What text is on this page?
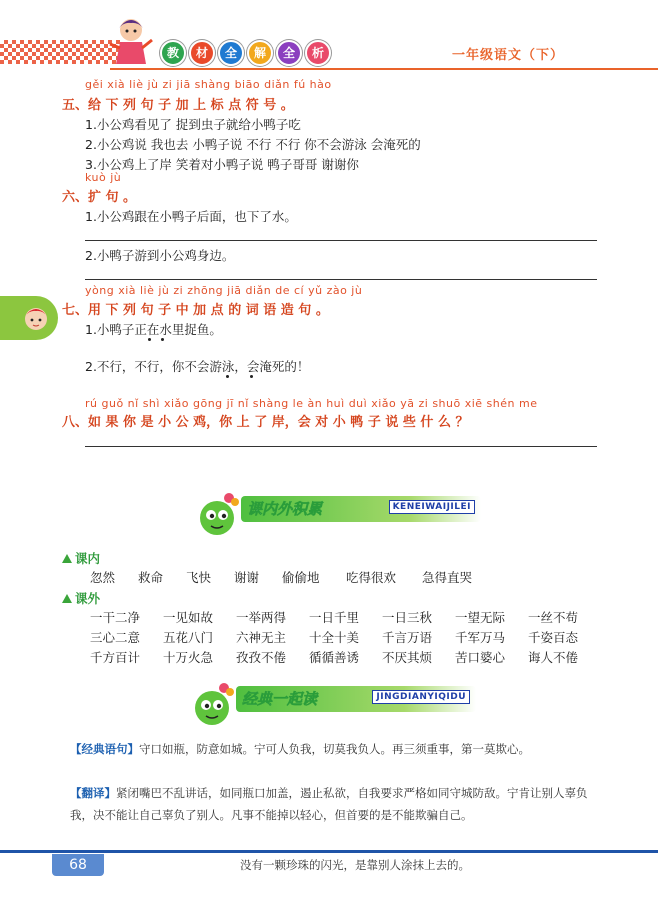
教 材 全 解 全 析	一年级语文（下）
gěi xià liè jù zi jiā shàng biāo diǎn fú hào
五、给 下 列 句 子 加 上 标 点 符 号 。
1.小公鸡看见了 捉到虫子就给小鸭子吃
2.小公鸡说 我也去 小鸭子说 不行 不行 你不会游泳 会淹死的
3.小公鸡上了岸 笑着对小鸭子说 鸭子哥哥 谢谢你
kuò jù
六、扩 句 。
1.小公鸡跟在小鸭子后面，也下了水。
2.小鸭子游到小公鸡身边。
yòng xià liè jù zi zhōng jiā diǎn de cí yǔ zào jù
七、用 下 列 句 子 中 加 点 的 词 语 造 句 。
1.小鸭子正在水里捉鱼。
2.不行，不行，你不会游泳，会淹死的！
rú guǒ nǐ shì xiǎo gōng jī nǐ shàng le àn huì duì xiǎo yā zi shuō xiē shén me
八、如 果 你 是 小 公 鸡，你 上 了 岸，会 对 小 鸭 子 说 些 什 么 ？
课内外积累	KENEIWAIJILEI
课内
忽然 救命 飞快 谢谢 偷偷地 吃得很欢 急得直哭
课外
一干二净 一见如故 一举两得 一日千里 一日三秋 一望无际 一丝不苟
三心二意 五花八门 六神无主 十全十美 千言万语 千军万马 千姿百态
千方百计 十万火急 孜孜不倦 循循善诱 不厌其烦 苦口婆心 诲人不倦
经典一起读	JINGDIANYIQIDU
【经典语句】守口如瓶，防意如城。宁可人负我，切莫我负人。再三须重事，第一莫欺心。
【翻译】紧闭嘴巴不乱讲话，如同瓶口加盖，遏止私欲，自我要求严格如同守城防敌。宁肯让别人辜负我，决不能让自己辜负了别人。凡事不能掉以轻心，但首要的是不能欺骗自己。
68	没有一颗珍珠的闪光，是靠别人涂抹上去的。
